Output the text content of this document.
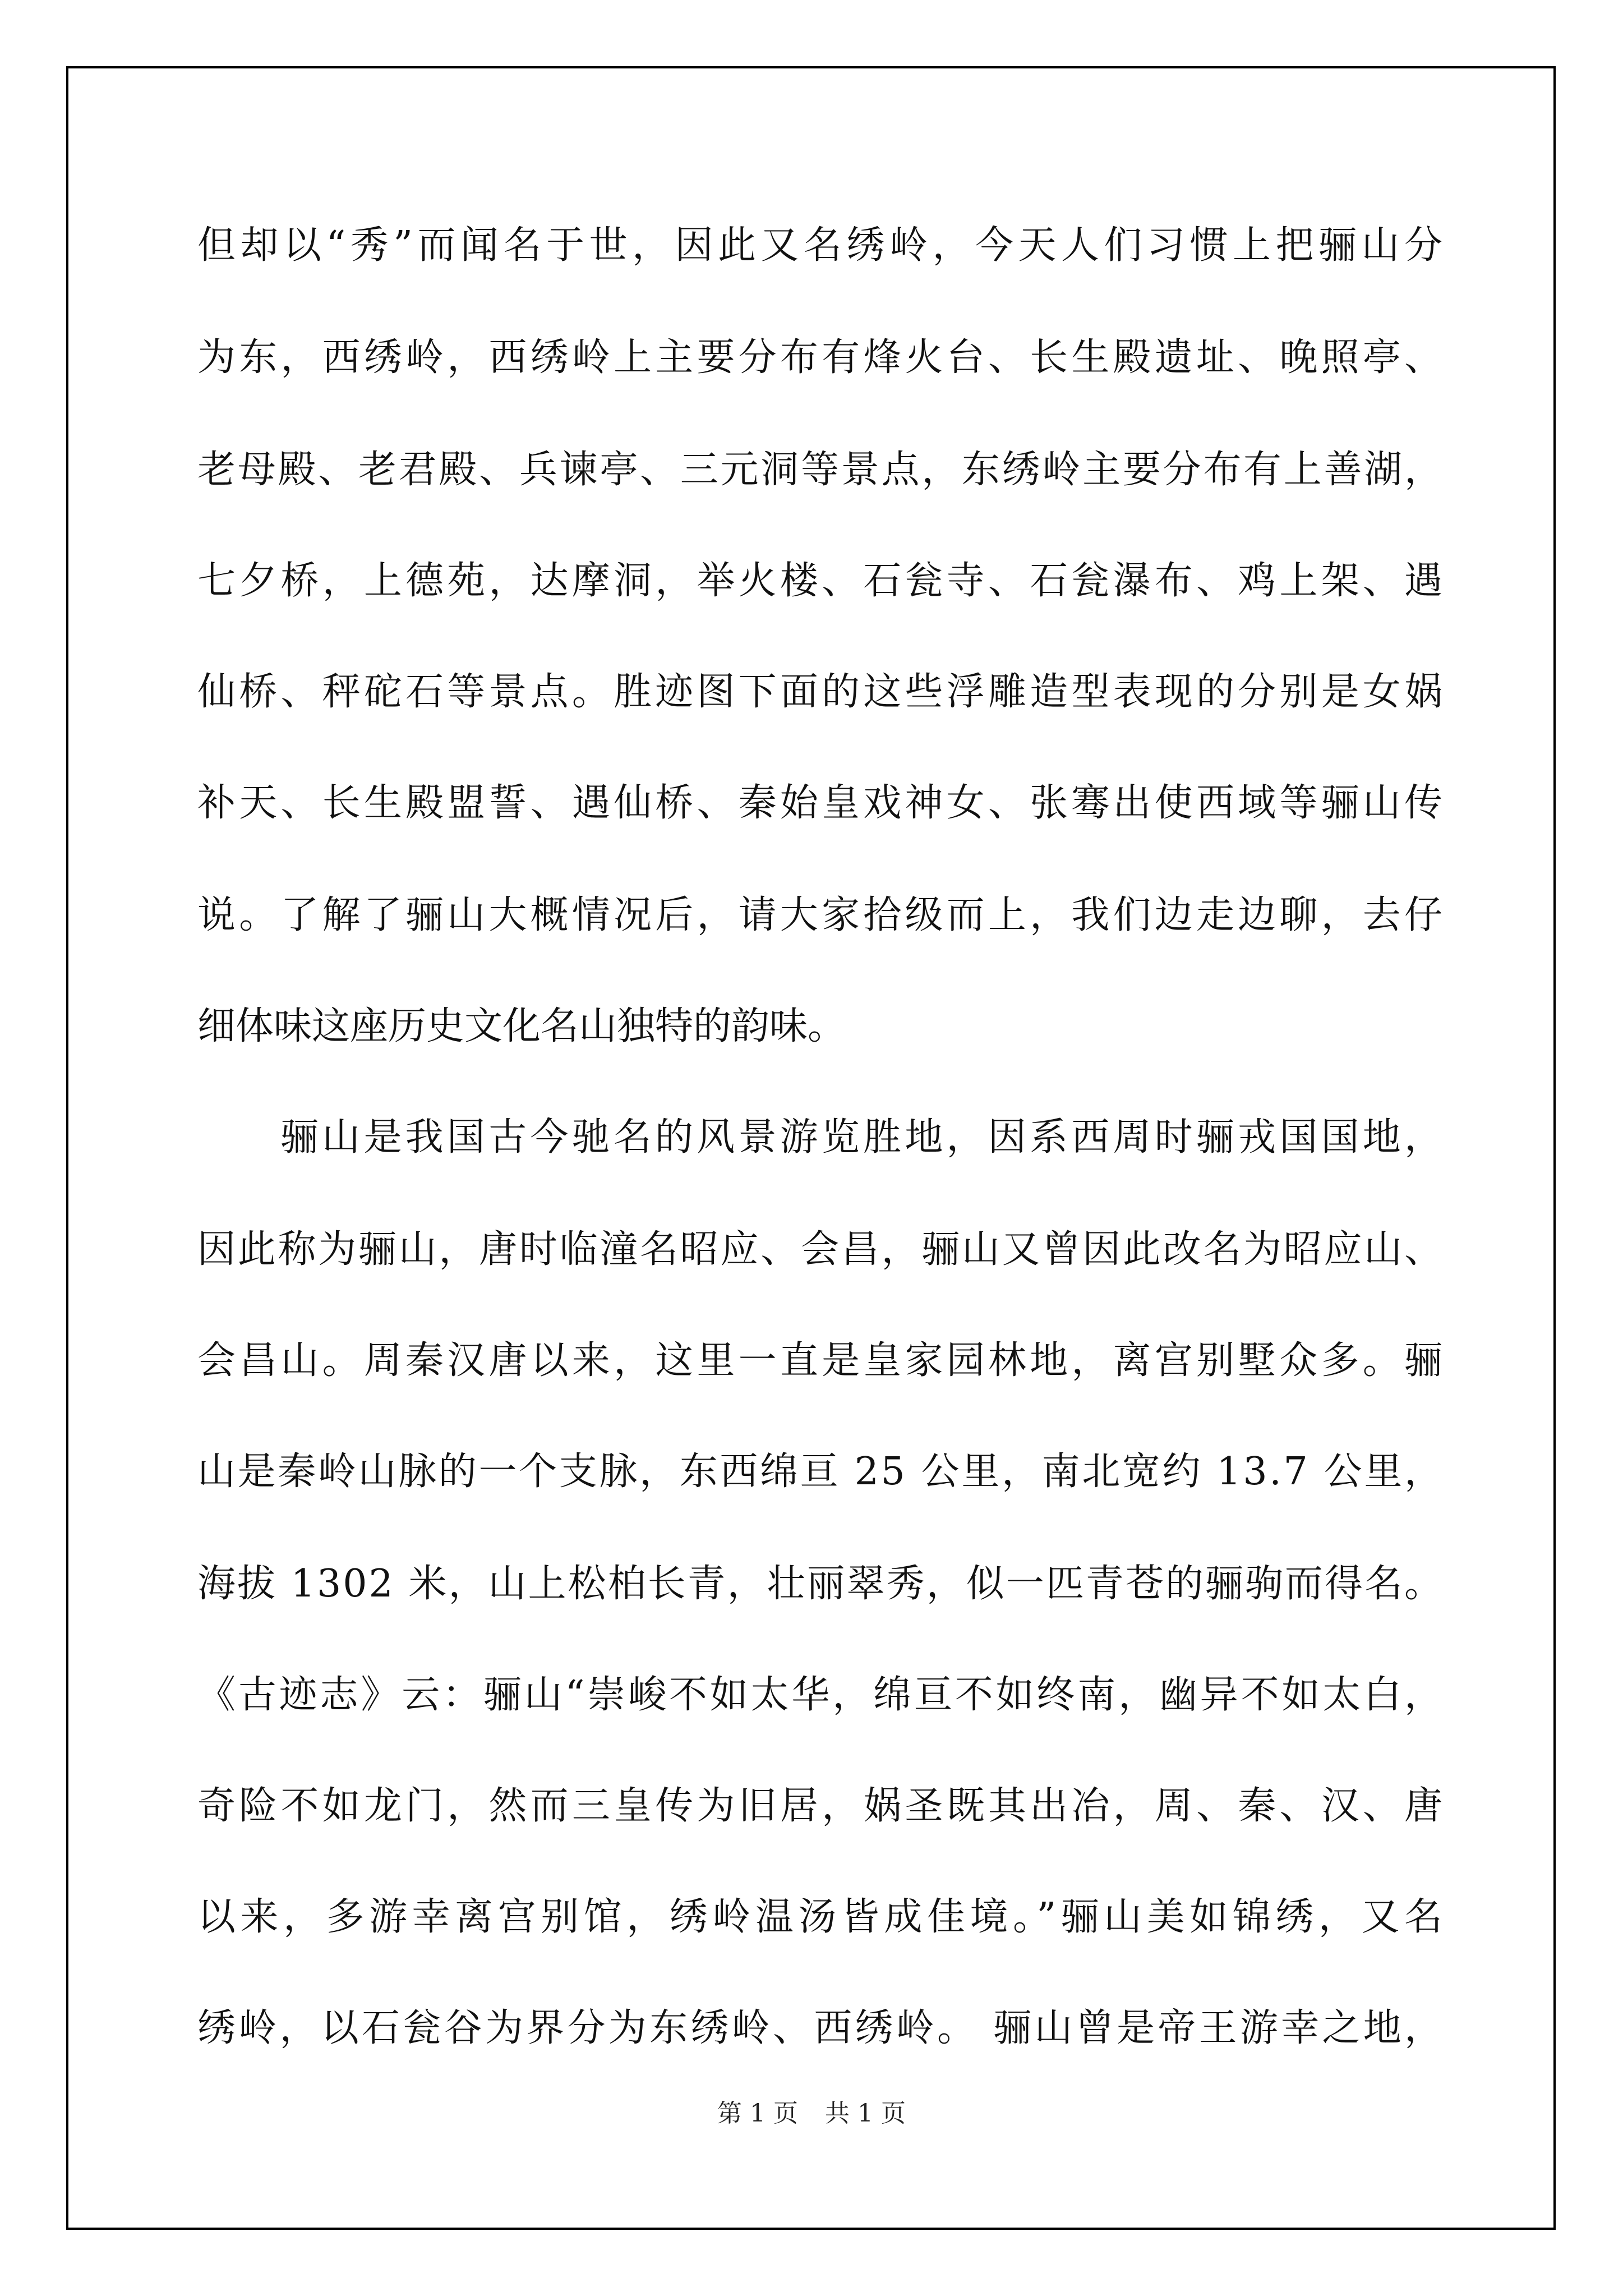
但却以“秀”而闻名于世，因此又名绣岭，今天人们习惯上把骊山分

为东，西绣岭，西绣岭上主要分布有烽火台、长生殿遗址、晚照亭、

老母殿、老君殿、兵谏亭、三元洞等景点，东绣岭主要分布有上善湖，

七夕桥，上德苑，达摩洞，举火楼、石瓮寺、石瓮瀑布、鸡上架、遇

仙桥、秤砣石等景点。胜迹图下面的这些浮雕造型表现的分别是女娲

补天、长生殿盟誓、遇仙桥、秦始皇戏神女、张骞出使西域等骊山传

说。了解了骊山大概情况后，请大家拾级而上，我们边走边聊，去仔

细体味这座历史文化名山独特的韵味。

骊山是我国古今驰名的风景游览胜地，因系西周时骊戎国国地，

因此称为骊山，唐时临潼名昭应、会昌，骊山又曾因此改名为昭应山、

会昌山。周秦汉唐以来，这里一直是皇家园林地，离宫别墅众多。骊

山是秦岭山脉的一个支脉，东西绵亘 25 公里，南北宽约 13.7 公里，

海拔 1302 米，山上松柏长青，壮丽翠秀，似一匹青苍的骊驹而得名。

《古迹志》云：骊山“崇峻不如太华，绵亘不如终南，幽异不如太白，

奇险不如龙门，然而三皇传为旧居，娲圣既其出冶，周、秦、汉、唐

以来，多游幸离宫别馆，绣岭温汤皆成佳境。”骊山美如锦绣，又名

绣岭，以石瓮谷为界分为东绣岭、西绣岭。 骊山曾是帝王游幸之地，

第 1 页 共 1 页
